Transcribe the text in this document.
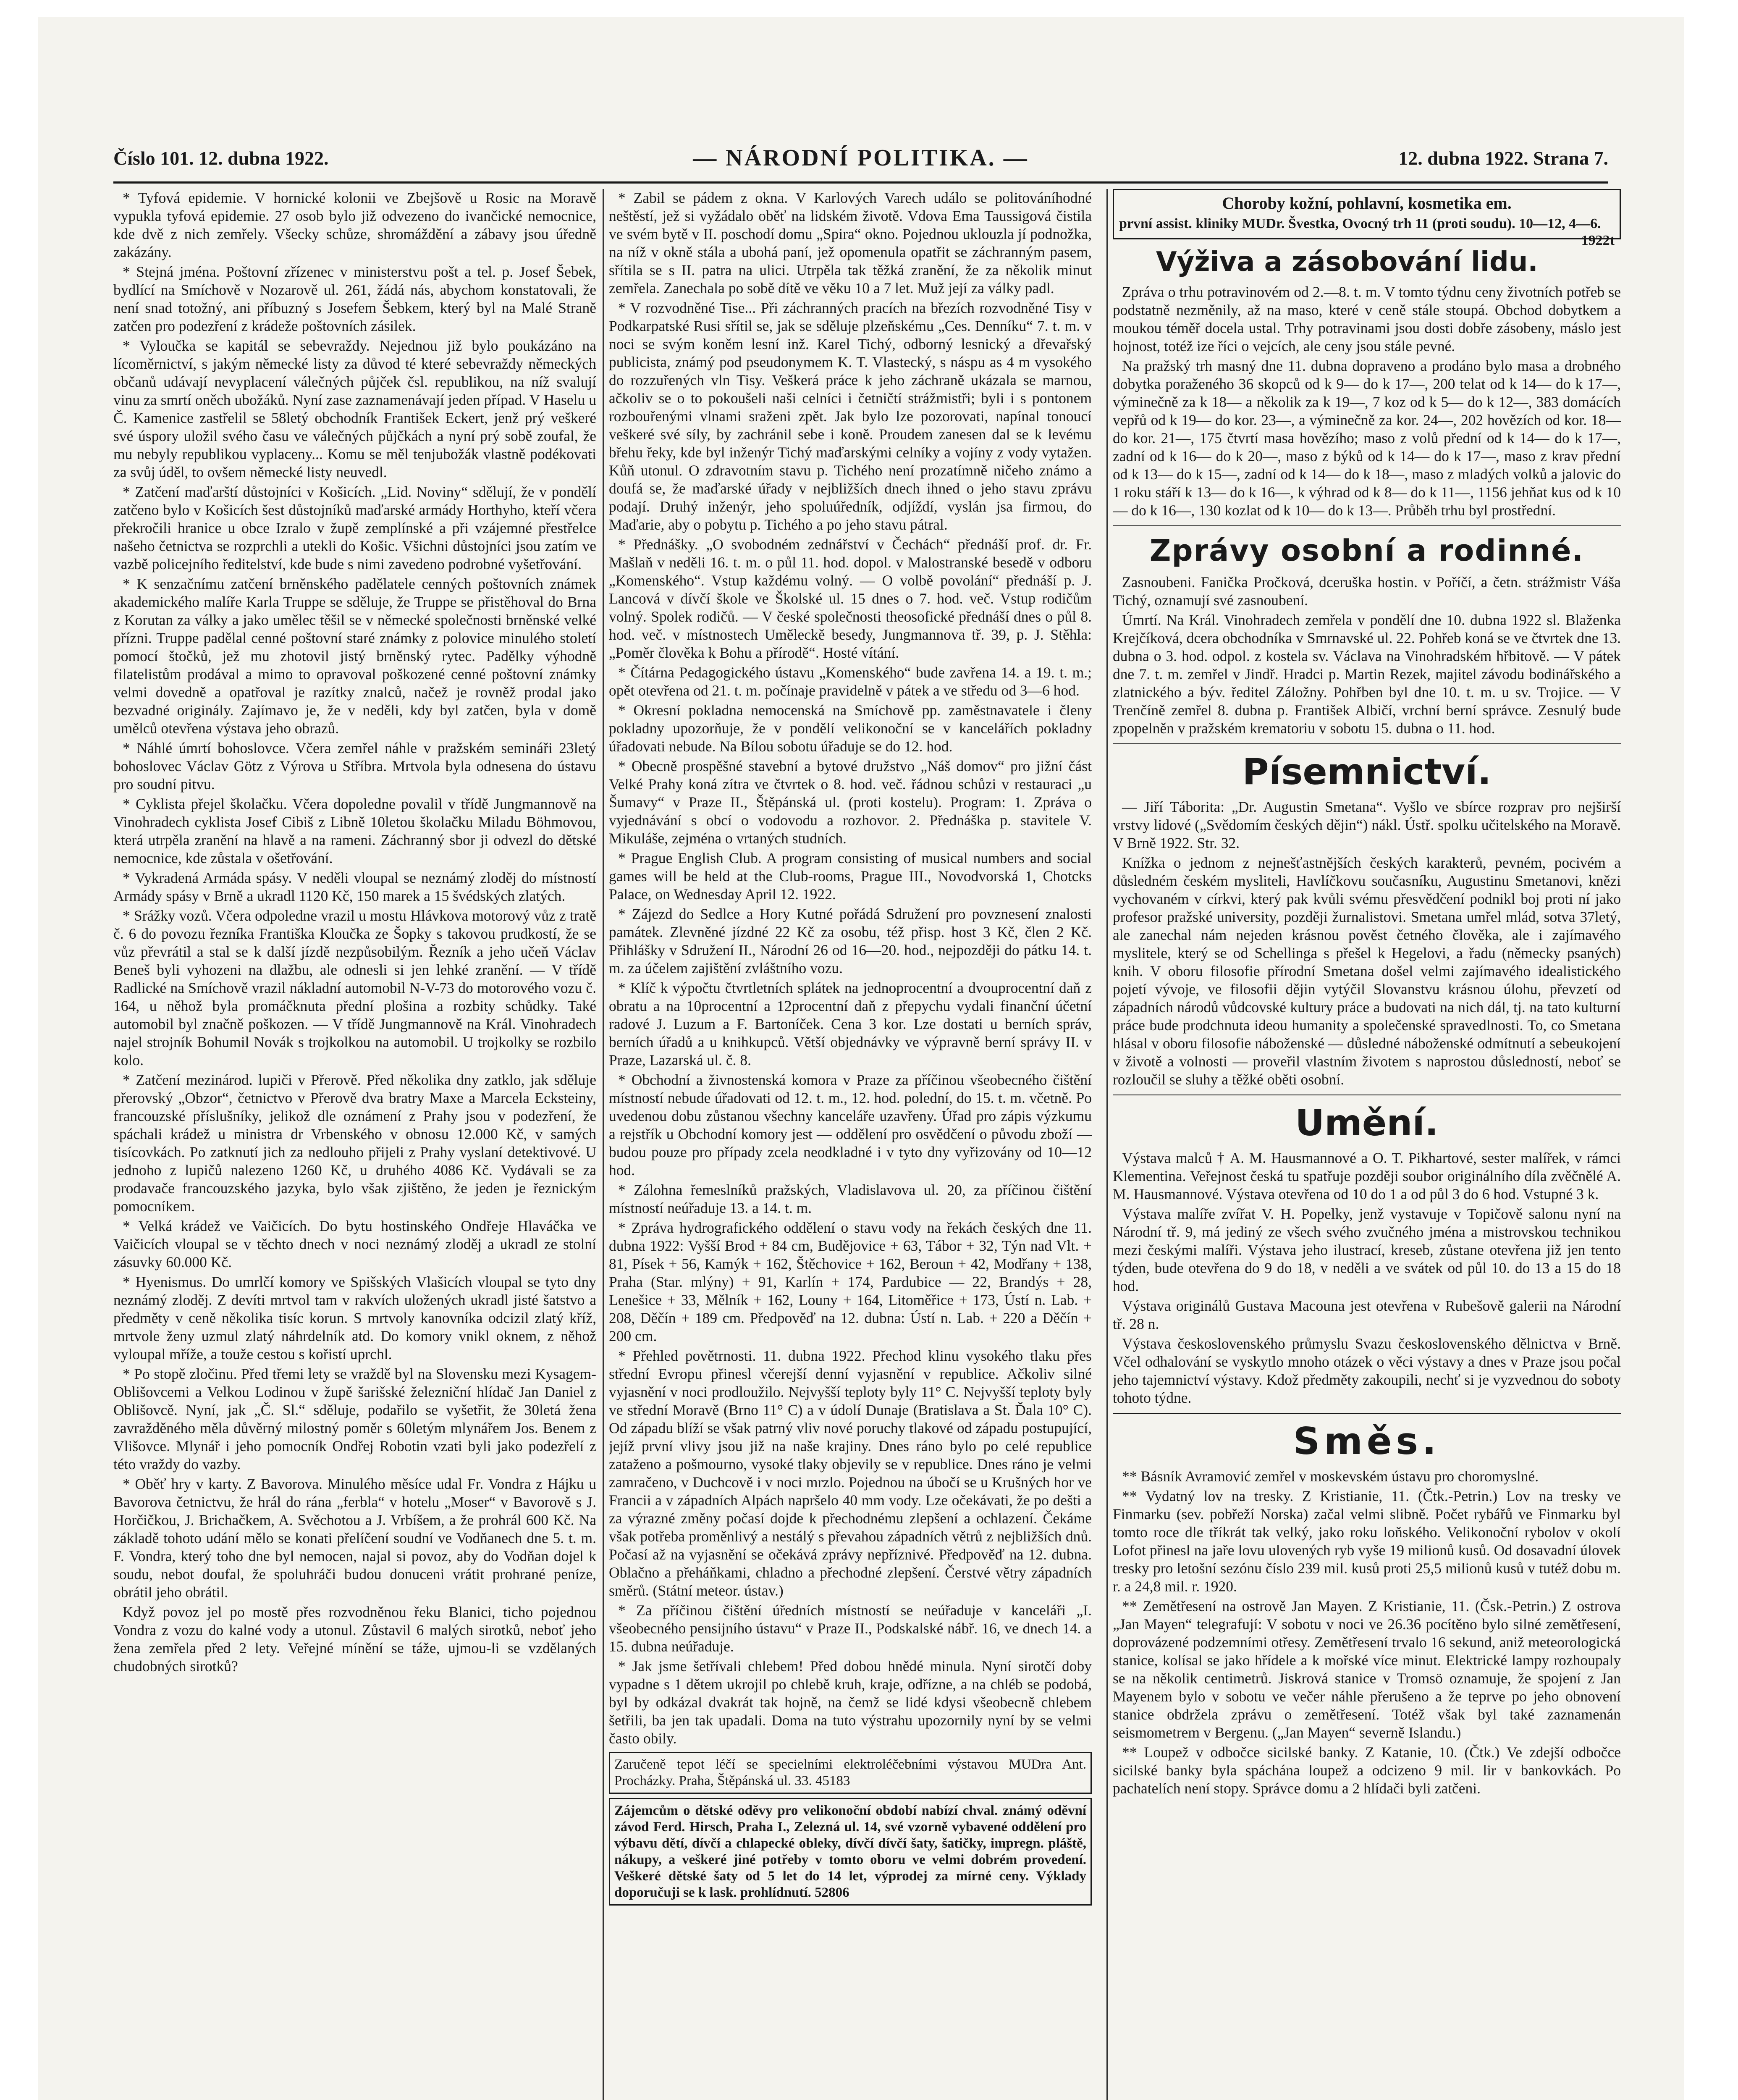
Číslo 101. 12. dubna 1922.	— NÁRODNÍ POLITIKA. —	12. dubna 1922. Strana 7.

* Tyfová epidemie. V hornické kolonii ve Zbejšově u Rosic na Moravě vypukla tyfová epidemie. 27 osob bylo již odvezeno do ivančické nemocnice, kde dvě z nich zemřely. Všecky schůze, shromáždění a zábavy jsou úředně zakázány.

* Stejná jména. Poštovní zřízenec v ministerstvu pošt a tel. p. Josef Šebek, bydlící na Smíchově v Nozarově ul. 261, žádá nás, abychom konstatovali, že není snad totožný, ani příbuzný s Josefem Šebkem, který byl na Malé Straně zatčen pro podezření z krádeže poštovních zásilek.

* Vyloučka se kapitál se sebevraždy. Nejednou již bylo poukázáno na lícoměrnictví, s jakým německé listy za důvod té které sebevraždy německých občanů udávají nevyplacení válečných půjček čsl. republikou, na níž svalují vinu za smrtí oněch ubožáků. Nyní zase zaznamenávají jeden případ. V Haselu u Č. Kamenice zastřelil se 58letý obchodník František Eckert, jenž prý veškeré své úspory uložil svého času ve válečných půjčkách a nyní prý sobě zoufal, že mu nebyly republikou vyplaceny... Komu se měl tenjubožák vlastně podékovati za svůj úděl, to ovšem německé listy neuvedl.

* Zatčení maďarští důstojníci v Košicích. „Lid. Noviny“ sdělují, že v pondělí zatčeno bylo v Košicích šest důstojníků maďarské armády Horthyho, kteří včera překročili hranice u obce Izralo v župě zemplínské a při vzájemné přestřelce našeho četnictva se rozprchli a utekli do Košic. Všichni důstojníci jsou zatím ve vazbě policejního ředitelství, kde bude s nimi zavedeno podrobné vyšetřování.

* K senzačnímu zatčení brněnského padělatele cenných poštovních známek akademického malíře Karla Truppe se sděluje, že Truppe se přistěhoval do Brna z Korutan za války a jako umělec těšil se v německé společnosti brněnské velké přízni. Truppe padělal cenné poštovní staré známky z polovice minulého století pomocí štočků, jež mu zhotovil jistý brněnský rytec. Padělky výhodně filatelistům prodával a mimo to opravoval poškozené cenné poštovní známky velmi dovedně a opatřoval je razítky znalců, načež je rovněž prodal jako bezvadné originály. Zajímavo je, že v neděli, kdy byl zatčen, byla v domě umělců otevřena výstava jeho obrazů.

* Náhlé úmrtí bohoslovce. Včera zemřel náhle v pražském semináři 23letý bohoslovec Václav Götz z Výrova u Stříbra. Mrtvola byla odnesena do ústavu pro soudní pitvu.

* Cyklista přejel školačku. Včera dopoledne povalil v třídě Jungmannově na Vinohradech cyklista Josef Cibiš z Libně 10letou školačku Miladu Böhmovou, která utrpěla zranění na hlavě a na rameni. Záchranný sbor ji odvezl do dětské nemocnice, kde zůstala v ošetřování.

* Vykradená Armáda spásy. V neděli vloupal se neznámý zloděj do místností Armády spásy v Brně a ukradl 1120 Kč, 150 marek a 15 švédských zlatých.

* Srážky vozů. Včera odpoledne vrazil u mostu Hlávkova motorový vůz z tratě č. 6 do povozu řezníka Františka Kloučka ze Šopky s takovou prudkostí, že se vůz převrátil a stal se k další jízdě nezpůsobilým. Řezník a jeho učeň Václav Beneš byli vyhozeni na dlažbu, ale odnesli si jen lehké zranění. — V třídě Radlické na Smíchově vrazil nákladní automobil N-V-73 do motorového vozu č. 164, u něhož byla promáčknuta přední plošina a rozbity schůdky. Také automobil byl značně poškozen. — V třídě Jungmannově na Král. Vinohradech najel strojník Bohumil Novák s trojkolkou na automobil. U trojkolky se rozbilo kolo.

* Zatčení mezinárod. lupiči v Přerově. Před několika dny zatklo, jak sděluje přerovský „Obzor“, četnictvo v Přerově dva bratry Maxe a Marcela Ecksteiny, francouzské příslušníky, jelikož dle oznámení z Prahy jsou v podezření, že spáchali krádež u ministra dr Vrbenského v obnosu 12.000 Kč, v samých tisícovkách. Po zatknutí jich za nedlouho přijeli z Prahy vyslaní detektivové. U jednoho z lupičů nalezeno 1260 Kč, u druhého 4086 Kč. Vydávali se za prodavače francouzského jazyka, bylo však zjištěno, že jeden je řeznickým pomocníkem.

* Velká krádež ve Vaičicích. Do bytu hostinského Ondřeje Hlaváčka ve Vaičicích vloupal se v těchto dnech v noci neznámý zloděj a ukradl ze stolní zásuvky 60.000 Kč.

* Hyenismus. Do umrlčí komory ve Spišských Vlašicích vloupal se tyto dny neznámý zloděj. Z devíti mrtvol tam v rakvích uložených ukradl jisté šatstvo a předměty v ceně několika tisíc korun. S mrtvoly kanovníka odcizil zlatý kříž, mrtvole ženy uzmul zlatý náhrdelník atd. Do komory vnikl oknem, z něhož vyloupal mříže, a touže cestou s kořistí uprchl.

* Po stopě zločinu. Před třemi lety se vraždě byl na Slovensku mezi Kysagem-Oblišovcemi a Velkou Lodinou v župě šarišské železniční hlídač Jan Daniel z Oblišovcě. Nyní, jak „Č. Sl.“ sděluje, podařilo se vyšetřit, že 30letá žena zavražděného měla důvěrný milostný poměr s 60letým mlynářem Jos. Benem z Vlišovce. Mlynář i jeho pomocník Ondřej Robotin vzati byli jako podezřelí z této vraždy do vazby.

* Oběť hry v karty. Z Bavorova. Minulého měsíce udal Fr. Vondra z Hájku u Bavorova četnictvu, že hrál do rána „ferbla“ v hotelu „Moser“ v Bavorově s J. Horčičkou, J. Brichačkem, A. Svěchotou a J. Vrbíšem, a že prohrál 600 Kč. Na základě tohoto udání mělo se konati přelíčení soudní ve Vodňanech dne 5. t. m. F. Vondra, který toho dne byl nemocen, najal si povoz, aby do Vodňan dojel k soudu, nebot doufal, že spoluhráči budou donuceni vrátit prohrané peníze, obrátil jeho obrátil.

Když povoz jel po mostě přes rozvodněnou řeku Blanici, ticho pojednou Vondra z vozu do kalné vody a utonul. Zůstavil 6 malých sirotků, neboť jeho žena zemřela před 2 lety. Veřejné mínění se táže, ujmou-li se vzdělaných chudobných sirotků?

* Zabil se pádem z okna. V Karlových Varech událo se politováníhodné neštěstí, jež si vyžádalo oběť na lidském životě. Vdova Ema Taussigová čistila ve svém bytě v II. poschodí domu „Spira“ okno. Pojednou uklouzla jí podnožka, na níž v okně stála a ubohá paní, jež opomenula opatřit se záchranným pasem, sřítila se s II. patra na ulici. Utrpěla tak těžká zranění, že za několik minut zemřela. Zanechala po sobě dítě ve věku 10 a 7 let. Muž její za války padl.

* V rozvodněné Tise... Při záchranných pracích na březích rozvodněné Tisy v Podkarpatské Rusi sřítil se, jak se sděluje plzeňskému „Ces. Denníku“ 7. t. m. v noci se svým koněm lesní inž. Karel Tichý, odborný lesnický a dřevařský publicista, známý pod pseudonymem K. T. Vlastecký, s náspu as 4 m vysokého do rozzuřených vln Tisy. Veškerá práce k jeho záchraně ukázala se marnou, ačkoliv se o to pokoušeli naši celníci i četničtí strážmistři; byli i s pontonem rozbouřenými vlnami sraženi zpět. Jak bylo lze pozorovati, napínal tonoucí veškeré své síly, by zachránil sebe i koně. Proudem zanesen dal se k levému břehu řeky, kde byl inženýr Tichý maďarskými celníky a vojíny z vody vytažen. Kůň utonul. O zdravotním stavu p. Tichého není prozatímně ničeho známo a doufá se, že maďarské úřady v nejbližších dnech ihned o jeho stavu zprávu podají. Druhý inženýr, jeho spoluúředník, odjíždí, vyslán jsa firmou, do Maďarie, aby o pobytu p. Tichého a po jeho stavu pátral.

* Přednášky. „O svobodném zednářství v Čechách“ přednáší prof. dr. Fr. Mašlaň v neděli 16. t. m. o půl 11. hod. dopol. v Malostranské besedě v odboru „Komenského“. Vstup každému volný. — O volbě povolání“ přednáší p. J. Lancová v dívčí škole ve Školské ul. 15 dnes o 7. hod. več. Vstup rodičům volný. Spolek rodičů. — V české společnosti theosofické přednáší dnes o půl 8. hod. več. v místnostech Uměleckě besedy, Jungmannova tř. 39, p. J. Stěhla: „Poměr člověka k Bohu a přírodě“. Hosté vítání.

* Čítárna Pedagogického ústavu „Komenského“ bude zavřena 14. a 19. t. m.; opět otevřena od 21. t. m. počínaje pravidelně v pátek a ve středu od 3—6 hod.

* Okresní pokladna nemocenská na Smíchově pp. zaměstnavatele i členy pokladny upozorňuje, že v pondělí velikonoční se v kancelářích pokladny úřadovati nebude. Na Bílou sobotu úřaduje se do 12. hod.

* Obecně prospěšné stavební a bytové družstvo „Náš domov“ pro jižní část Velké Prahy koná zítra ve čtvrtek o 8. hod. več. řádnou schůzi v restauraci „u Šumavy“ v Praze II., Štěpánská ul. (proti kostelu). Program: 1. Zpráva o vyjednávání s obcí o vodovodu a rozhovor. 2. Přednáška p. stavitele V. Mikuláše, zejména o vrtaných studních.

* Prague English Club. A program consisting of musical numbers and social games will be held at the Club-rooms, Prague III., Novodvorská 1, Chotcks Palace, on Wednesday April 12. 1922.

* Zájezd do Sedlce a Hory Kutné pořádá Sdružení pro povznesení znalosti památek. Zlevněné jízdné 22 Kč za osobu, též přisp. host 3 Kč, člen 2 Kč. Přihlášky v Sdružení II., Národní 26 od 16—20. hod., nejpozději do pátku 14. t. m. za účelem zajištění zvláštního vozu.

* Klíč k výpočtu čtvrtletních splátek na jednoprocentní a dvouprocentní daň z obratu a na 10procentní a 12procentní daň z přepychu vydali finanční účetní radové J. Luzum a F. Bartoníček. Cena 3 kor. Lze dostati u berních správ, berních úřadů a u knihkupců. Větší objednávky ve výpravně berní správy II. v Praze, Lazarská ul. č. 8.

* Obchodní a živnostenská komora v Praze za příčinou všeobecného čištění místností nebude úřadovati od 12. t. m., 12. hod. polední, do 15. t. m. včetně. Po uvedenou dobu zůstanou všechny kanceláře uzavřeny. Úřad pro zápis výzkumu a rejstřík u Obchodní komory jest — oddělení pro osvědčení o původu zboží — budou pouze pro případy zcela neodkladné i v tyto dny vyřizovány od 10—12 hod.

* Zálohna řemeslníků pražských, Vladislavova ul. 20, za příčinou čištění místností neúřaduje 13. a 14. t. m.

* Zpráva hydrografického oddělení o stavu vody na řekách českých dne 11. dubna 1922: Vyšší Brod + 84 cm, Budějovice + 63, Tábor + 32, Týn nad Vlt. + 81, Písek + 56, Kamýk + 162, Štěchovice + 162, Beroun + 42, Modřany + 138, Praha (Star. mlýny) + 91, Karlín + 174, Pardubice — 22, Brandýs + 28, Lenešice + 33, Mělník + 162, Louny + 164, Litoměřice + 173, Ústí n. Lab. + 208, Děčín + 189 cm. Předpověď na 12. dubna: Ústí n. Lab. + 220 a Děčín + 200 cm.

* Přehled povětrnosti. 11. dubna 1922. Přechod klinu vysokého tlaku přes střední Evropu přinesl včerejší denní vyjasnění v republice. Ačkoliv silné vyjasnění v noci prodloužilo. Nejvyšší teploty byly 11° C. Nejvyšší teploty byly ve střední Moravě (Brno 11° C) a v údolí Dunaje (Bratislava a St. Ďala 10° C). Od západu blíží se však patrný vliv nové poruchy tlakové od západu postupující, jejíž první vlivy jsou již na naše krajiny. Dnes ráno bylo po celé republice zataženo a pošmourno, vysoké tlaky objevily se v republice. Dnes ráno je velmi zamračeno, v Duchcově i v noci mrzlo. Pojednou na úbočí se u Krušných hor ve Francii a v západních Alpách napršelo 40 mm vody. Lze očekávati, že po dešti a za výrazné změny počasí dojde k přechodnému zlepšení a ochlazení. Čekáme však potřeba proměnlivý a nestálý s převahou západních větrů z nejbližších dnů. Počasí až na vyjasnění se očekává zprávy nepříznivé. Předpověď na 12. dubna. Oblačno a přeháňkami, chladno a přechodné zlepšení. Čerstvé větry západních směrů. (Státní meteor. ústav.)

* Za příčinou čištění úředních místností se neúřaduje v kanceláři „I. všeobecného pensijního ústavu“ v Praze II., Podskalské nábř. 16, ve dnech 14. a 15. dubna neúřaduje.

* Jak jsme šetřívali chlebem! Před dobou hnědé minula. Nyní sirotčí doby vypadne s 1 dětem ukrojil po chlebě kruh, kraje, odřízne, a na chléb se podobá, byl by odkázal dvakrát tak hojně, na čemž se lidé kdysi všeobecně chlebem šetřili, ba jen tak upadali. Doma na tuto výstrahu upozornily nyní by se velmi často obily.

Zaručeně tepot léčí se specielními elektroléčebními výstavou MUDra Ant. Procházky. Praha, Štěpánská ul. 33. 45183
Zájemcům o dětské oděvy pro velikonoční období nabízí chval. známý oděvní závod Ferd. Hirsch, Praha I., Zelezná ul. 14, své vzorně vybavené oddělení pro výbavu dětí, dívčí a chlapecké obleky, dívčí dívčí šaty, šatičky, impregn. pláště, nákupy, a veškeré jiné potřeby v tomto oboru ve velmi dobrém provedení. Veškeré dětské šaty od 5 let do 14 let, výprodej za mírné ceny. Výklady doporučuji se k lask. prohlídnutí. 52806
Choroby kožní, pohlavní, kosmetika em.
první assist. kliniky MUDr. Švestka, Ovocný trh 11 (proti soudu). 10—12, 4—6.
1922t
Výživa a zásobování lidu.

Zpráva o trhu potravinovém od 2.—8. t. m. V tomto týdnu ceny životních potřeb se podstatně nezměnily, až na maso, které v ceně stále stoupá. Obchod dobytkem a moukou téměř docela ustal. Trhy potravinami jsou dosti dobře zásobeny, máslo jest hojnost, totéž ize říci o vejcích, ale ceny jsou stále pevné.

Na pražský trh masný dne 11. dubna dopraveno a prodáno bylo masa a drobného dobytka poraženého 36 skopců od k 9— do k 17—, 200 telat od k 14— do k 17—, výminečně za k 18— a několik za k 19—, 7 koz od k 5— do k 12—, 383 domácích vepřů od k 19— do kor. 23—, a výminečně za kor. 24—, 202 hovězích od kor. 18— do kor. 21—, 175 čtvrtí masa hovězího; maso z volů přední od k 14— do k 17—, zadní od k 16— do k 20—, maso z býků od k 14— do k 17—, maso z krav přední od k 13— do k 15—, zadní od k 14— do k 18—, maso z mladých volků a jalovic do 1 roku stáří k 13— do k 16—, k výhrad od k 8— do k 11—, 1156 jehňat kus od k 10— do k 16—, 130 kozlat od k 10— do k 13—. Průběh trhu byl prostřední.

Zprávy osobní a rodinné.

Zasnoubeni. Fanička Pročková, dceruška hostin. v Poříčí, a četn. strážmistr Váša Tichý, oznamují své zasnoubení.

Úmrtí. Na Král. Vinohradech zemřela v pondělí dne 10. dubna 1922 sl. Blaženka Krejčíková, dcera obchodníka v Smrnavské ul. 22. Pohřeb koná se ve čtvrtek dne 13. dubna o 3. hod. odpol. z kostela sv. Václava na Vinohradském hřbitově. — V pátek dne 7. t. m. zemřel v Jindř. Hradci p. Martin Rezek, majitel závodu bodinářského a zlatnického a býv. ředitel Záložny. Pohřben byl dne 10. t. m. u sv. Trojice. — V Trenčíně zemřel 8. dubna p. František Albičí, vrchní berní správce. Zesnulý bude zpopelněn v pražském krematoriu v sobotu 15. dubna o 11. hod.

Písemnictví.

— Jiří Táborita: „Dr. Augustin Smetana“. Vyšlo ve sbírce rozprav pro nejširší vrstvy lidové („Svědomím českých dějin“) nákl. Ústř. spolku učitelského na Moravě. V Brně 1922. Str. 32.

Knížka o jednom z nejnešťastnějších českých karakterů, pevném, pocivém a důsledném českém mysliteli, Havlíčkovu současníku, Augustinu Smetanovi, knězi vychovaném v církvi, který pak kvůli svému přesvědčení podnikl boj proti ní jako profesor pražské university, později žurnalistovi. Smetana umřel mlád, sotva 37letý, ale zanechal nám nejeden krásnou pověst četného člověka, ale i zajímavého myslitele, který se od Schellinga s přešel k Hegelovi, a řadu (německy psaných) knih. V oboru filosofie přírodní Smetana došel velmi zajímavého idealistického pojetí vývoje, ve filosofii dějin vytýčil Slovanstvu krásnou úlohu, převzetí od západních národů vůdcovské kultury práce a budovati na nich dál, tj. na tato kulturní práce bude prodchnuta ideou humanity a společenské spravedlnosti. To, co Smetana hlásal v oboru filosofie náboženské — důsledné náboženské odmítnutí a sebeukojení v životě a volnosti — proveřil vlastním životem s naprostou důsledností, neboť se rozloučil se sluhy a těžké oběti osobní.

Umění.

Výstava malců † A. M. Hausmannové a O. T. Pikhartové, sester malířek, v rámci Klementina. Veřejnost česká tu spatřuje později soubor originálního díla zvěčnělé A. M. Hausmannové. Výstava otevřena od 10 do 1 a od půl 3 do 6 hod. Vstupné 3 k.

Výstava malíře zvířat V. H. Popelky, jenž vystavuje v Topičově salonu nyní na Národní tř. 9, má jediný ze všech svého zvučného jména a mistrovskou technikou mezi českými malíři. Výstava jeho ilustrací, kreseb, zůstane otevřena již jen tento týden, bude otevřena do 9 do 18, v neděli a ve svátek od půl 10. do 13 a 15 do 18 hod.

Výstava originálů Gustava Macouna jest otevřena v Rubešově galerii na Národní tř. 28 n.

Výstava československého průmyslu Svazu československého dělnictva v Brně. Včel odhalování se vyskytlo mnoho otázek o věci výstavy a dnes v Praze jsou počal jeho tajemnictví výstavy. Kdož předměty zakoupili, nechť si je vyzvednou do soboty tohoto týdne.

Směs.

** Básník Avramović zemřel v moskevském ústavu pro choromyslné.

** Vydatný lov na tresky. Z Kristianie, 11. (Čtk.-Petrin.) Lov na tresky ve Finmarku (sev. pobřeží Norska) začal velmi slibně. Počet rybářů ve Finmarku byl tomto roce dle tříkrát tak velký, jako roku loňského. Velikonoční rybolov v okolí Lofot přinesl na jaře lovu ulovených ryb vyše 19 milionů kusů. Od dosavadní úlovek tresky pro letošní sezónu číslo 239 mil. kusů proti 25,5 milionů kusů v tutéž dobu m. r. a 24,8 mil. r. 1920.

** Zemětřesení na ostrově Jan Mayen. Z Kristianie, 11. (Čsk.-Petrin.) Z ostrova „Jan Mayen“ telegrafují: V sobotu v noci ve 26.36 pocítěno bylo silné zemětřesení, doprovázené podzemními otřesy. Zemětřesení trvalo 16 sekund, aniž meteorologická stanice, kolísal se jako hřídele a k mořské více minut. Elektrické lampy rozhoupaly se na několik centimetrů. Jiskrová stanice v Tromsö oznamuje, že spojení z Jan Mayenem bylo v sobotu ve večer náhle přerušeno a že teprve po jeho obnovení stanice obdržela zprávu o zemětřesení. Totéž však byl také zaznamenán seismometrem v Bergenu. („Jan Mayen“ severně Islandu.)

** Loupež v odbočce sicilské banky. Z Katanie, 10. (Čtk.) Ve zdejší odbočce sicilské banky byla spáchána loupež a odcizeno 9 mil. lir v bankovkách. Po pachatelích není stopy. Správce domu a 2 hlídači byli zatčeni.
